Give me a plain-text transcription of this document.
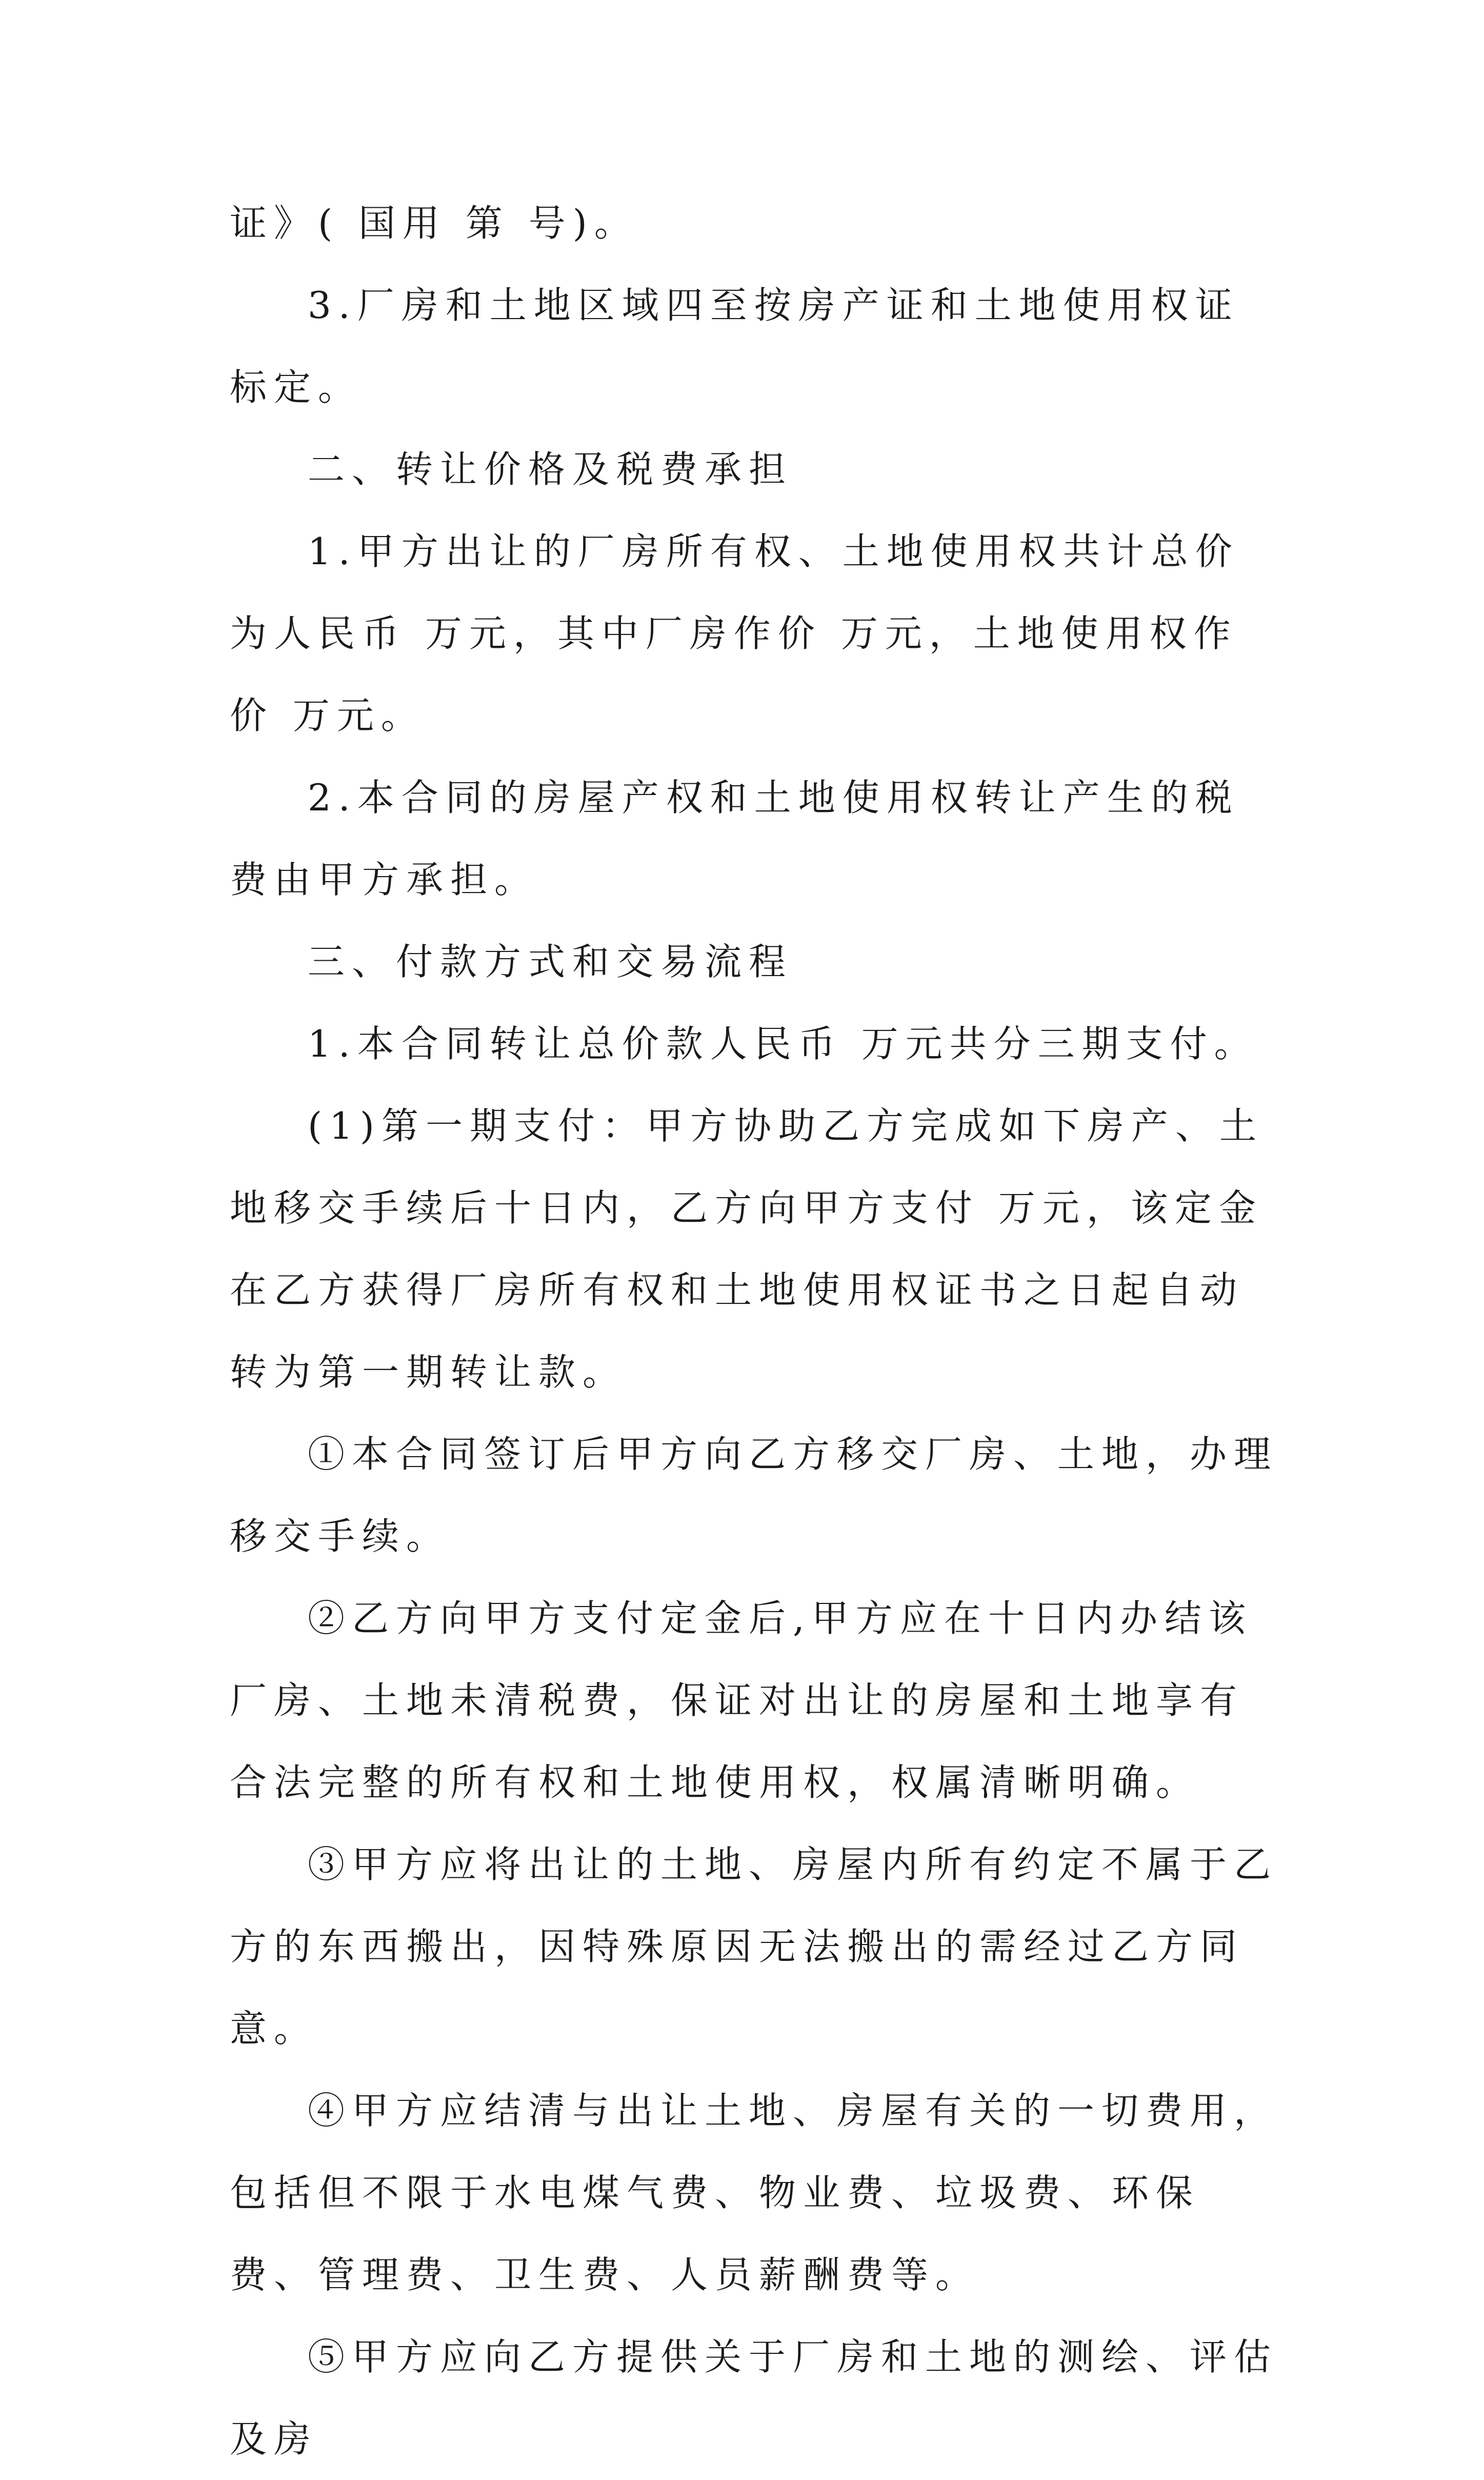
证》( 国用 第 号)。

3.厂房和土地区域四至按房产证和土地使用权证标定。

二、转让价格及税费承担

1.甲方出让的厂房所有权、土地使用权共计总价为人民币 万元，其中厂房作价 万元，土地使用权作价 万元。

2.本合同的房屋产权和土地使用权转让产生的税费由甲方承担。

三、付款方式和交易流程

1.本合同转让总价款人民币 万元共分三期支付。

(1)第一期支付：甲方协助乙方完成如下房产、土地移交手续后十日内，乙方向甲方支付 万元，该定金在乙方获得厂房所有权和土地使用权证书之日起自动转为第一期转让款。

①本合同签订后甲方向乙方移交厂房、土地，办理移交手续。

②乙方向甲方支付定金后,甲方应在十日内办结该厂房、土地未清税费，保证对出让的房屋和土地享有合法完整的所有权和土地使用权，权属清晰明确。

③甲方应将出让的土地、房屋内所有约定不属于乙方的东西搬出，因特殊原因无法搬出的需经过乙方同意。

④甲方应结清与出让土地、房屋有关的一切费用，包括但不限于水电煤气费、物业费、垃圾费、环保费、管理费、卫生费、人员薪酬费等。

⑤甲方应向乙方提供关于厂房和土地的测绘、评估及房
